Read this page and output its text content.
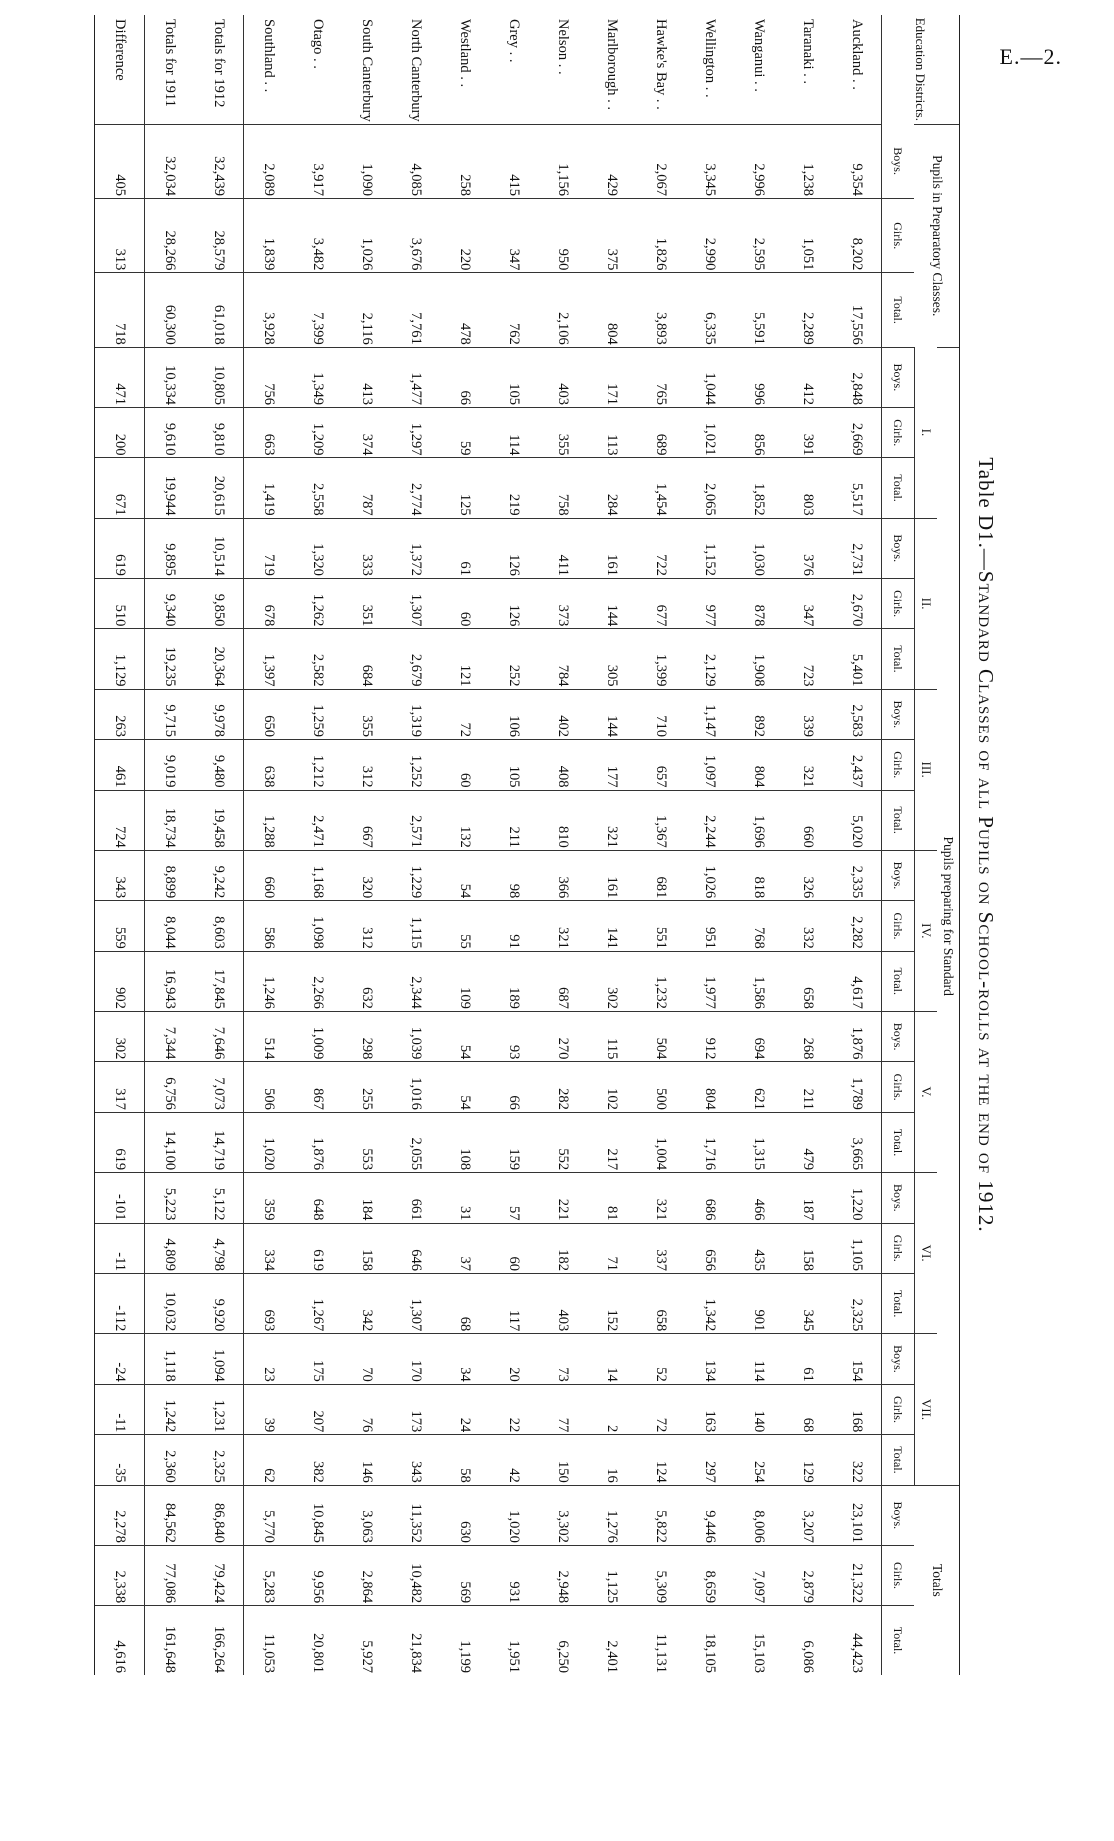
E.—2.
Table D1.—Standard Classes of all Pupils on School-rolls at the end of 1912.
Education Districts.	Pupils in Preparatory Classes.			Pupils preparing for Standard																					Totals		
				I.			II.			III.			IV.			V.			VI.			VII.					
	Boys.	Girls.	Total.	Boys.	Girls.	Total.	Boys.	Girls.	Total.	Boys.	Girls.	Total.	Boys.	Girls.	Total.	Boys.	Girls.	Total.	Boys.	Girls.	Total.	Boys.	Girls.	Total.	Boys.	Girls.	Total.
Auckland . .	9,354	8,202	17,556	2,848	2,669	5,517	2,731	2,670	5,401	2,583	2,437	5,020	2,335	2,282	4,617	1,876	1,789	3,665	1,220	1,105	2,325	154	168	322	23,101	21,322	44,423
Taranaki . .	1,238	1,051	2,289	412	391	803	376	347	723	339	321	660	326	332	658	268	211	479	187	158	345	61	68	129	3,207	2,879	6,086
Wanganui . .	2,996	2,595	5,591	996	856	1,852	1,030	878	1,908	892	804	1,696	818	768	1,586	694	621	1,315	466	435	901	114	140	254	8,006	7,097	15,103
Wellington . .	3,345	2,990	6,335	1,044	1,021	2,065	1,152	977	2,129	1,147	1,097	2,244	1,026	951	1,977	912	804	1,716	686	656	1,342	134	163	297	9,446	8,659	18,105
Hawke's Bay . .	2,067	1,826	3,893	765	689	1,454	722	677	1,399	710	657	1,367	681	551	1,232	504	500	1,004	321	337	658	52	72	124	5,822	5,309	11,131
Marlborough . .	429	375	804	171	113	284	161	144	305	144	177	321	161	141	302	115	102	217	81	71	152	14	2	16	1,276	1,125	2,401
Nelson . .	1,156	950	2,106	403	355	758	411	373	784	402	408	810	366	321	687	270	282	552	221	182	403	73	77	150	3,302	2,948	6,250
Grey . .	415	347	762	105	114	219	126	126	252	106	105	211	98	91	189	93	66	159	57	60	117	20	22	42	1,020	931	1,951
Westland . .	258	220	478	66	59	125	61	60	121	72	60	132	54	55	109	54	54	108	31	37	68	34	24	58	630	569	1,199
North Canterbury	4,085	3,676	7,761	1,477	1,297	2,774	1,372	1,307	2,679	1,319	1,252	2,571	1,229	1,115	2,344	1,039	1,016	2,055	661	646	1,307	170	173	343	11,352	10,482	21,834
South Canterbury	1,090	1,026	2,116	413	374	787	333	351	684	355	312	667	320	312	632	298	255	553	184	158	342	70	76	146	3,063	2,864	5,927
Otago . .	3,917	3,482	7,399	1,349	1,209	2,558	1,320	1,262	2,582	1,259	1,212	2,471	1,168	1,098	2,266	1,009	867	1,876	648	619	1,267	175	207	382	10,845	9,956	20,801
Southland . .	2,089	1,839	3,928	756	663	1,419	719	678	1,397	650	638	1,288	660	586	1,246	514	506	1,020	359	334	693	23	39	62	5,770	5,283	11,053
Totals for 1912	32,439	28,579	61,018	10,805	9,810	20,615	10,514	9,850	20,364	9,978	9,480	19,458	9,242	8,603	17,845	7,646	7,073	14,719	5,122	4,798	9,920	1,094	1,231	2,325	86,840	79,424	166,264
Totals for 1911	32,034	28,266	60,300	10,334	9,610	19,944	9,895	9,340	19,235	9,715	9,019	18,734	8,899	8,044	16,943	7,344	6,756	14,100	5,223	4,809	10,032	1,118	1,242	2,360	84,562	77,086	161,648
Difference	405	313	718	471	200	671	619	510	1,129	263	461	724	343	559	902	302	317	619	-101	-11	-112	-24	-11	-35	2,278	2,338	4,616
